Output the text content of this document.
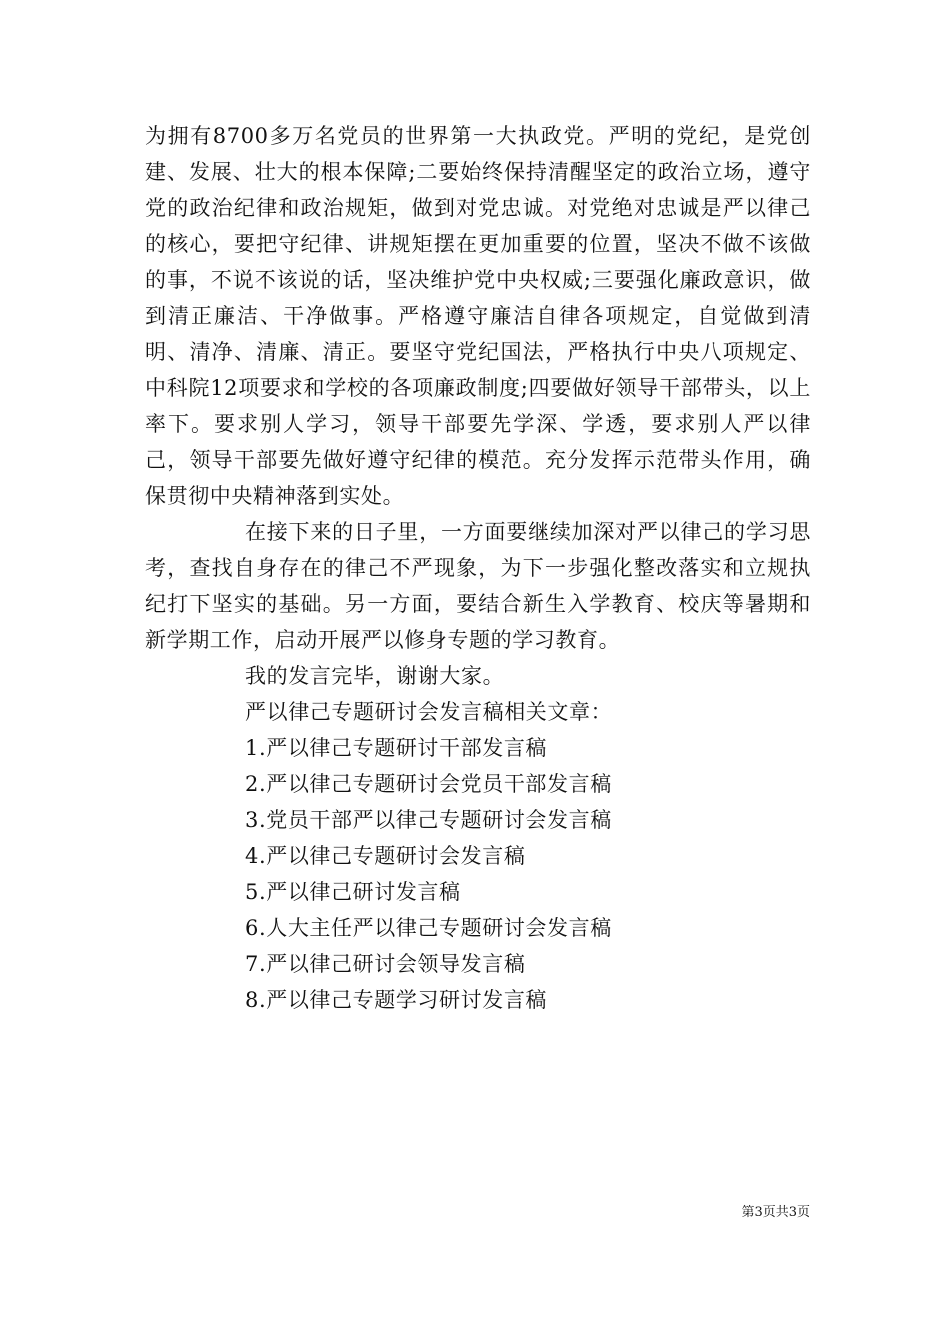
为拥有8700多万名党员的世界第一大执政党。严明的党纪，是党创建、发展、壮大的根本保障;二要始终保持清醒坚定的政治立场，遵守党的政治纪律和政治规矩，做到对党忠诚。对党绝对忠诚是严以律己的核心，要把守纪律、讲规矩摆在更加重要的位置，坚决不做不该做的事，不说不该说的话，坚决维护党中央权威;三要强化廉政意识，做到清正廉洁、干净做事。严格遵守廉洁自律各项规定，自觉做到清明、清净、清廉、清正。要坚守党纪国法，严格执行中央八项规定、中科院12项要求和学校的各项廉政制度;四要做好领导干部带头，以上率下。要求别人学习，领导干部要先学深、学透，要求别人严以律己，领导干部要先做好遵守纪律的模范。充分发挥示范带头作用，确保贯彻中央精神落到实处。

在接下来的日子里，一方面要继续加深对严以律己的学习思考，查找自身存在的律己不严现象，为下一步强化整改落实和立规执纪打下坚实的基础。另一方面，要结合新生入学教育、校庆等暑期和新学期工作，启动开展严以修身专题的学习教育。

我的发言完毕，谢谢大家。

严以律己专题研讨会发言稿相关文章：

1.严以律己专题研讨干部发言稿

2.严以律己专题研讨会党员干部发言稿

3.党员干部严以律己专题研讨会发言稿

4.严以律己专题研讨会发言稿

5.严以律己研讨发言稿

6.人大主任严以律己专题研讨会发言稿

7.严以律己研讨会领导发言稿

8.严以律己专题学习研讨发言稿

第3页共3页
